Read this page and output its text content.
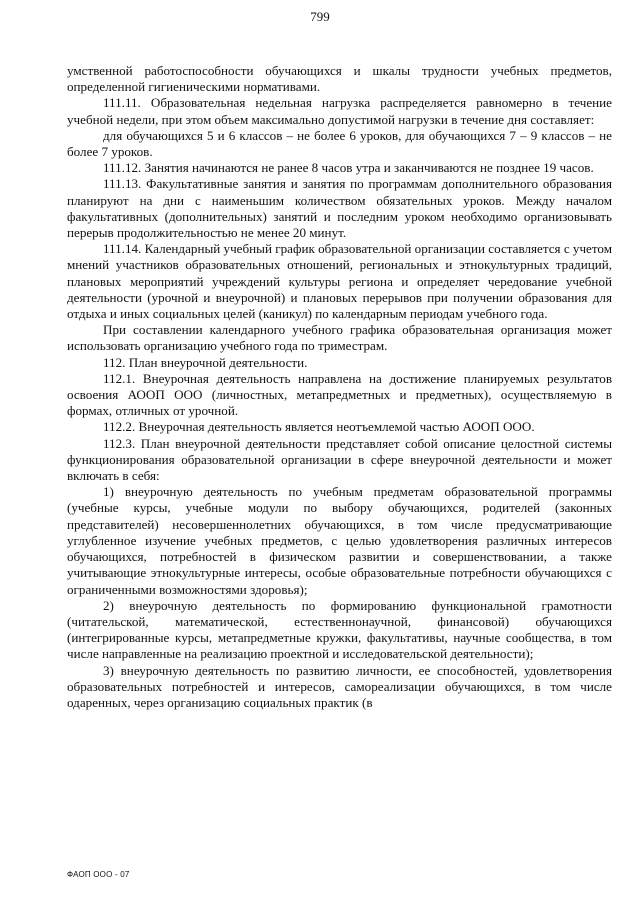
799

умственной работоспособности обучающихся и шкалы трудности учебных предметов, определенной гигиеническими нормативами.

111.11. Образовательная недельная нагрузка распределяется равномерно в течение учебной недели, при этом объем максимально допустимой нагрузки в течение дня составляет:

для обучающихся 5 и 6 классов – не более 6 уроков, для обучающихся 7 – 9 классов – не более 7 уроков.

111.12. Занятия начинаются не ранее 8 часов утра и заканчиваются не позднее 19 часов.

111.13. Факультативные занятия и занятия по программам дополнительного образования планируют на дни с наименьшим количеством обязательных уроков. Между началом факультативных (дополнительных) занятий и последним уроком необходимо организовывать перерыв продолжительностью не менее 20 минут.

111.14. Календарный учебный график образовательной организации составляется с учетом мнений участников образовательных отношений, региональных и этнокультурных традиций, плановых мероприятий учреждений культуры региона и определяет чередование учебной деятельности (урочной и внеурочной) и плановых перерывов при получении образования для отдыха и иных социальных целей (каникул) по календарным периодам учебного года.

При составлении календарного учебного графика образовательная организация может использовать организацию учебного года по триместрам.

112. План внеурочной деятельности.

112.1. Внеурочная деятельность направлена на достижение планируемых результатов освоения АООП ООО (личностных, метапредметных и предметных), осуществляемую в формах, отличных от урочной.

112.2. Внеурочная деятельность является неотъемлемой частью АООП ООО.

112.3. План внеурочной деятельности представляет собой описание целостной системы функционирования образовательной организации в сфере внеурочной деятельности и может включать в себя:

1) внеурочную деятельность по учебным предметам образовательной программы (учебные курсы, учебные модули по выбору обучающихся, родителей (законных представителей) несовершеннолетних обучающихся, в том числе предусматривающие углубленное изучение учебных предметов, с целью удовлетворения различных интересов обучающихся, потребностей в физическом развитии и совершенствовании, а также учитывающие этнокультурные интересы, особые образовательные потребности обучающихся с ограниченными возможностями здоровья);

2) внеурочную деятельность по формированию функциональной грамотности (читательской, математической, естественнонаучной, финансовой) обучающихся (интегрированные курсы, метапредметные кружки, факультативы, научные сообщества, в том числе направленные на реализацию проектной и исследовательской деятельности);

3) внеурочную деятельность по развитию личности, ее способностей, удовлетворения образовательных потребностей и интересов, самореализации обучающихся, в том числе одаренных, через организацию социальных практик (в

ФАОП ООО - 07
